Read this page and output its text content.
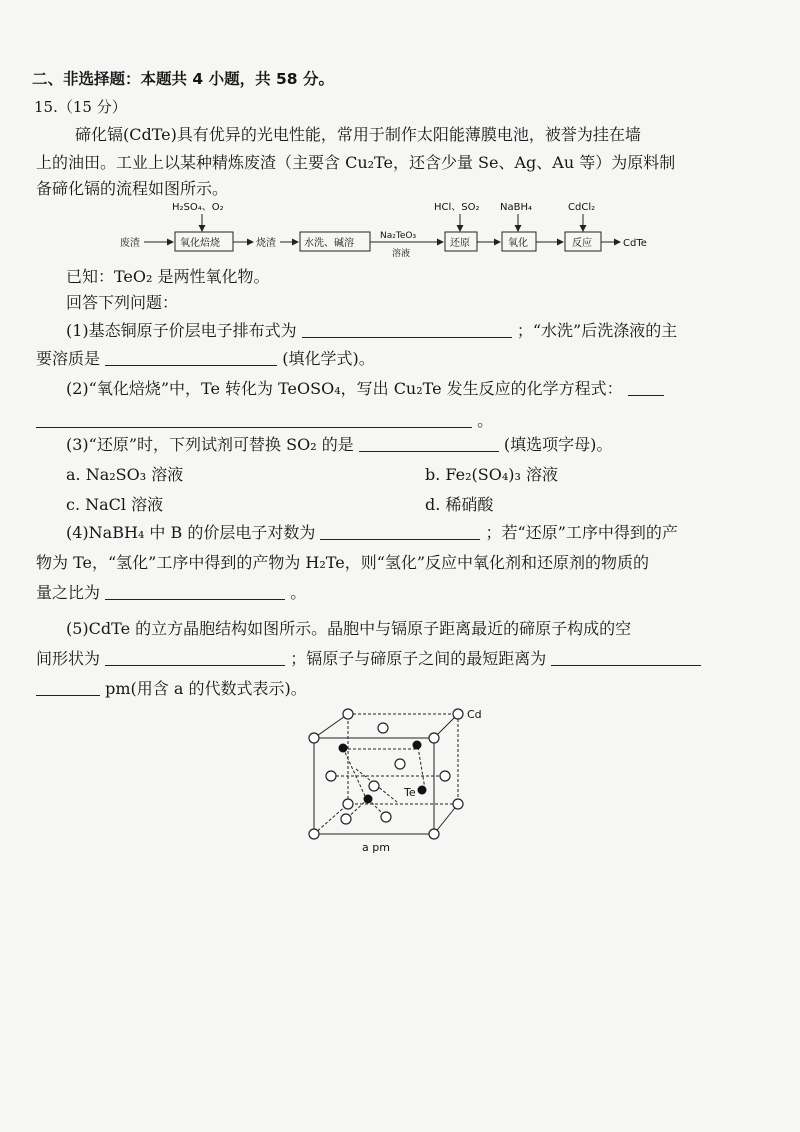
二、非选择题：本题共 4 小题，共 58 分。
15.（15 分）
碲化镉(CdTe)具有优异的光电性能，常用于制作太阳能薄膜电池，被誉为挂在墙
上的油田。工业上以某种精炼废渣（主要含 Cu₂Te，还含少量 Se、Ag、Au 等）为原料制
备碲化镉的流程如图所示。
废渣
H₂SO₄、O₂
氧化焙烧	烧渣	水洗、碱溶
Na₂TeO₃
溶液
HCl、SO₂
还原
NaBH₄
氧化
CdCl₂
反应	CdTe
已知：TeO₂ 是两性氧化物。
回答下列问题：
(1)基态铜原子价层电子排布式为	；“水洗”后洗涤液的主
要溶质是	(填化学式)。
(2)“氧化焙烧”中，Te 转化为 TeOSO₄，写出 Cu₂Te 发生反应的化学方程式：
。
(3)“还原”时，下列试剂可替换 SO₂ 的是	(填选项字母)。
a. Na₂SO₃ 溶液	b. Fe₂(SO₄)₃ 溶液
c. NaCl 溶液	d. 稀硝酸
(4)NaBH₄ 中 B 的价层电子对数为	；若“还原”工序中得到的产
物为 Te，“氢化”工序中得到的产物为 H₂Te，则“氢化”反应中氧化剂和还原剂的物质的
量之比为	。
(5)CdTe 的立方晶胞结构如图所示。晶胞中与镉原子距离最近的碲原子构成的空
间形状为	；镉原子与碲原子之间的最短距离为
pm(用含 a 的代数式表示)。
Cd
Te
a pm
